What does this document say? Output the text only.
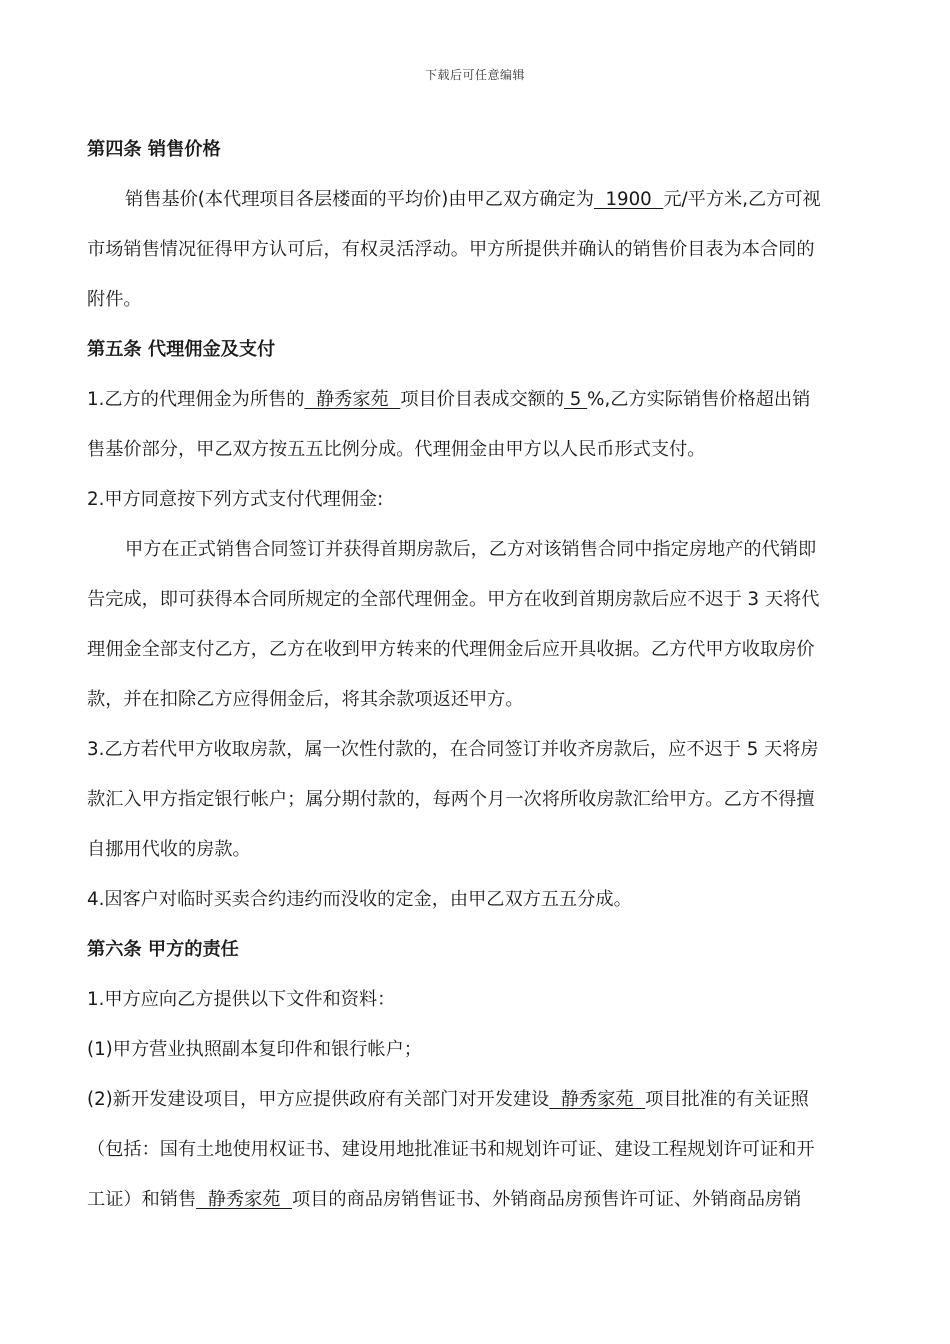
下载后可任意编辑
第四条 销售价格
销售基价(本代理项目各层楼面的平均价)由甲乙双方确定为  1900  元/平方米,乙方可视
市场销售情况征得甲方认可后，有权灵活浮动。甲方所提供并确认的销售价目表为本合同的
附件。
第五条 代理佣金及支付
1.乙方的代理佣金为所售的  静秀家苑  项目价目表成交额的 5 %,乙方实际销售价格超出销
售基价部分，甲乙双方按五五比例分成。代理佣金由甲方以人民币形式支付。
2.甲方同意按下列方式支付代理佣金:
甲方在正式销售合同签订并获得首期房款后，乙方对该销售合同中指定房地产的代销即
告完成，即可获得本合同所规定的全部代理佣金。甲方在收到首期房款后应不迟于 3 天将代
理佣金全部支付乙方，乙方在收到甲方转来的代理佣金后应开具收据。乙方代甲方收取房价
款，并在扣除乙方应得佣金后，将其余款项返还甲方。
3.乙方若代甲方收取房款，属一次性付款的，在合同签订并收齐房款后，应不迟于 5 天将房
款汇入甲方指定银行帐户；属分期付款的，每两个月一次将所收房款汇给甲方。乙方不得擅
自挪用代收的房款。
4.因客户对临时买卖合约违约而没收的定金，由甲乙双方五五分成。
第六条 甲方的责任
1.甲方应向乙方提供以下文件和资料：
(1)甲方营业执照副本复印件和银行帐户；
(2)新开发建设项目，甲方应提供政府有关部门对开发建设  静秀家苑  项目批准的有关证照
（包括：国有土地使用权证书、建设用地批准证书和规划许可证、建设工程规划许可证和开
工证）和销售  静秀家苑  项目的商品房销售证书、外销商品房预售许可证、外销商品房销
